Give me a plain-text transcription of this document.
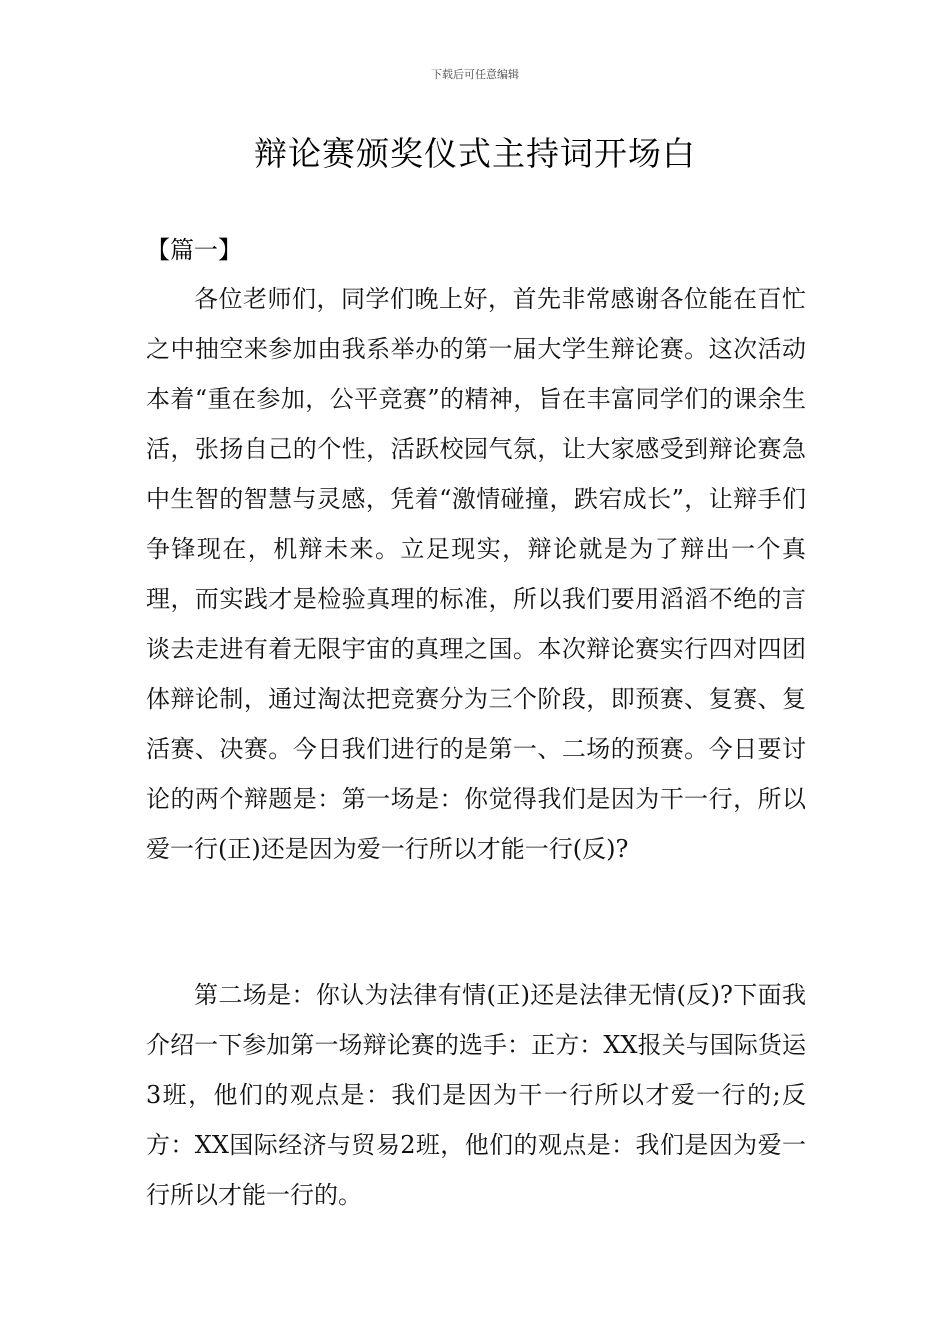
下载后可任意编辑
辩论赛颁奖仪式主持词开场白
【篇一】

各位老师们，同学们晚上好，首先非常感谢各位能在百忙之中抽空来参加由我系举办的第一届大学生辩论赛。这次活动本着“重在参加，公平竞赛”的精神，旨在丰富同学们的课余生活，张扬自己的个性，活跃校园气氛，让大家感受到辩论赛急中生智的智慧与灵感，凭着“激情碰撞，跌宕成长”，让辩手们争锋现在，机辩未来。立足现实，辩论就是为了辩出一个真理，而实践才是检验真理的标准，所以我们要用滔滔不绝的言谈去走进有着无限宇宙的真理之国。本次辩论赛实行四对四团体辩论制，通过淘汰把竞赛分为三个阶段，即预赛、复赛、复活赛、决赛。今日我们进行的是第一、二场的预赛。今日要讨论的两个辩题是：第一场是：你觉得我们是因为干一行，所以爱一行(正)还是因为爱一行所以才能一行(反)?

第二场是：你认为法律有情(正)还是法律无情(反)?下面我介绍一下参加第一场辩论赛的选手：正方：XX报关与国际货运3班，他们的观点是：我们是因为干一行所以才爱一行的;反方：XX国际经济与贸易2班，他们的观点是：我们是因为爱一行所以才能一行的。
